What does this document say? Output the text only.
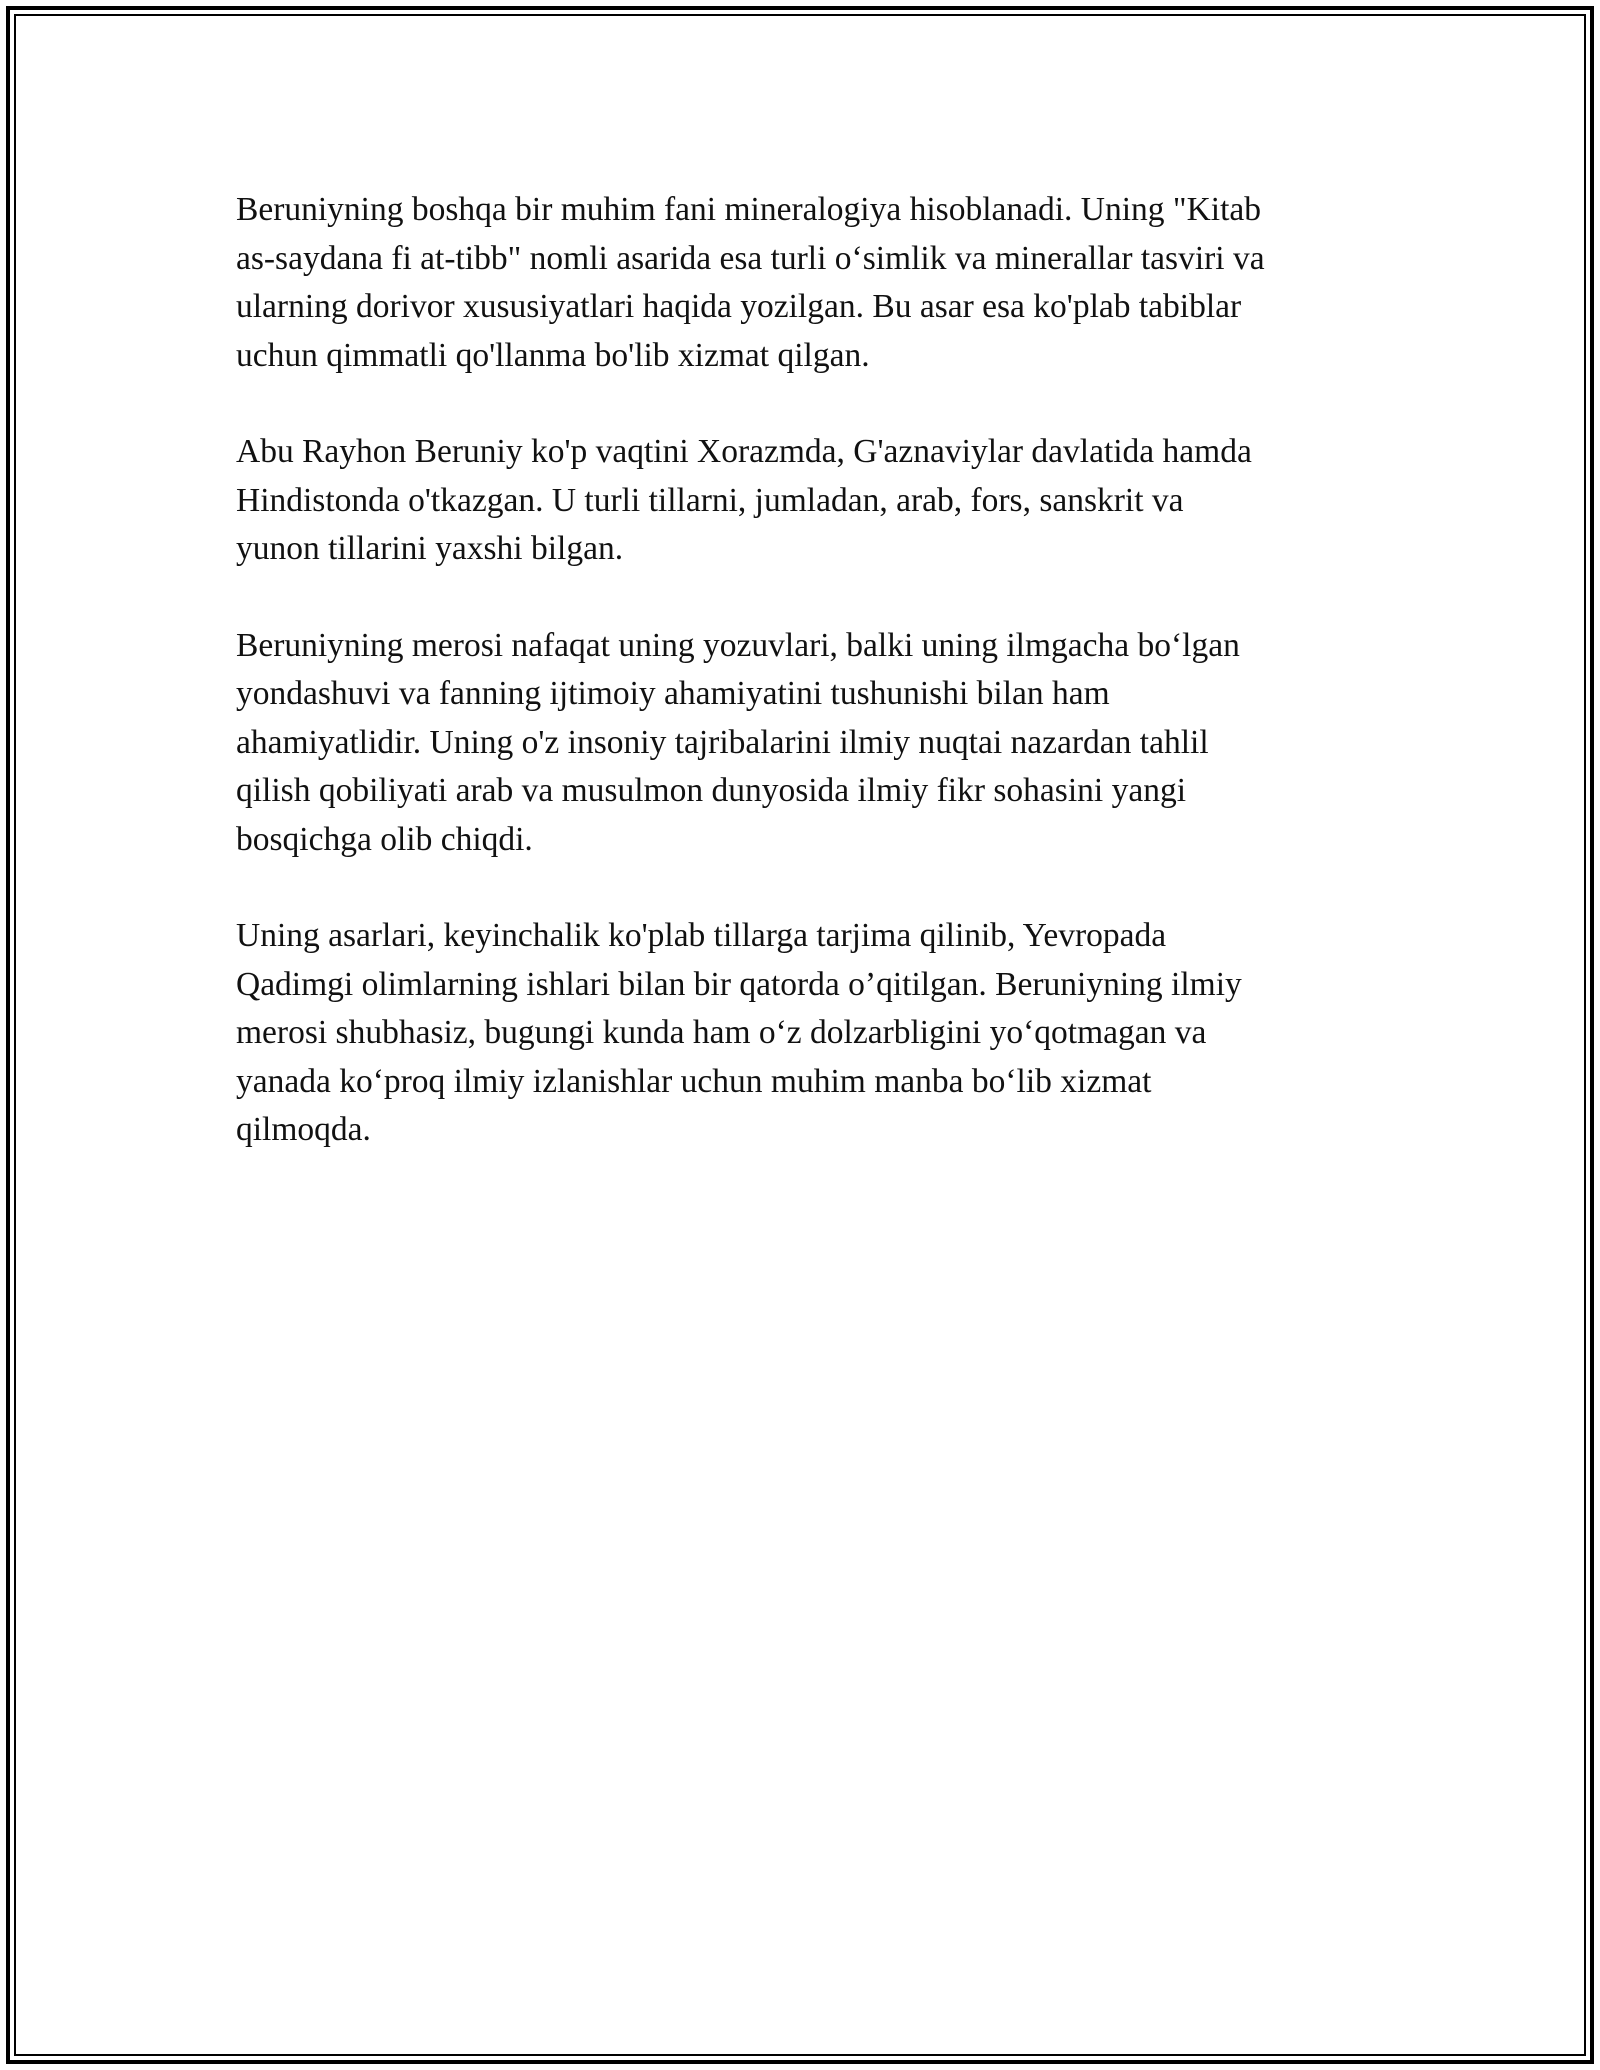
Beruniyning boshqa bir muhim fani mineralogiya hisoblanadi. Uning "Kitab
as-saydana fi at-tibb" nomli asarida esa turli o‘simlik va minerallar tasviri va
ularning dorivor xususiyatlari haqida yozilgan. Bu asar esa ko'plab tabiblar
uchun qimmatli qo'llanma bo'lib xizmat qilgan.

Abu Rayhon Beruniy ko'p vaqtini Xorazmda, G'aznaviylar davlatida hamda
Hindistonda o'tkazgan. U turli tillarni, jumladan, arab, fors, sanskrit va
yunon tillarini yaxshi bilgan.

Beruniyning merosi nafaqat uning yozuvlari, balki uning ilmgacha bo‘lgan
yondashuvi va fanning ijtimoiy ahamiyatini tushunishi bilan ham
ahamiyatlidir. Uning o'z insoniy tajribalarini ilmiy nuqtai nazardan tahlil
qilish qobiliyati arab va musulmon dunyosida ilmiy fikr sohasini yangi
bosqichga olib chiqdi.

Uning asarlari, keyinchalik ko'plab tillarga tarjima qilinib, Yevropada
Qadimgi olimlarning ishlari bilan bir qatorda o’qitilgan. Beruniyning ilmiy
merosi shubhasiz, bugungi kunda ham o‘z dolzarbligini yo‘qotmagan va
yanada ko‘proq ilmiy izlanishlar uchun muhim manba bo‘lib xizmat
qilmoqda.
